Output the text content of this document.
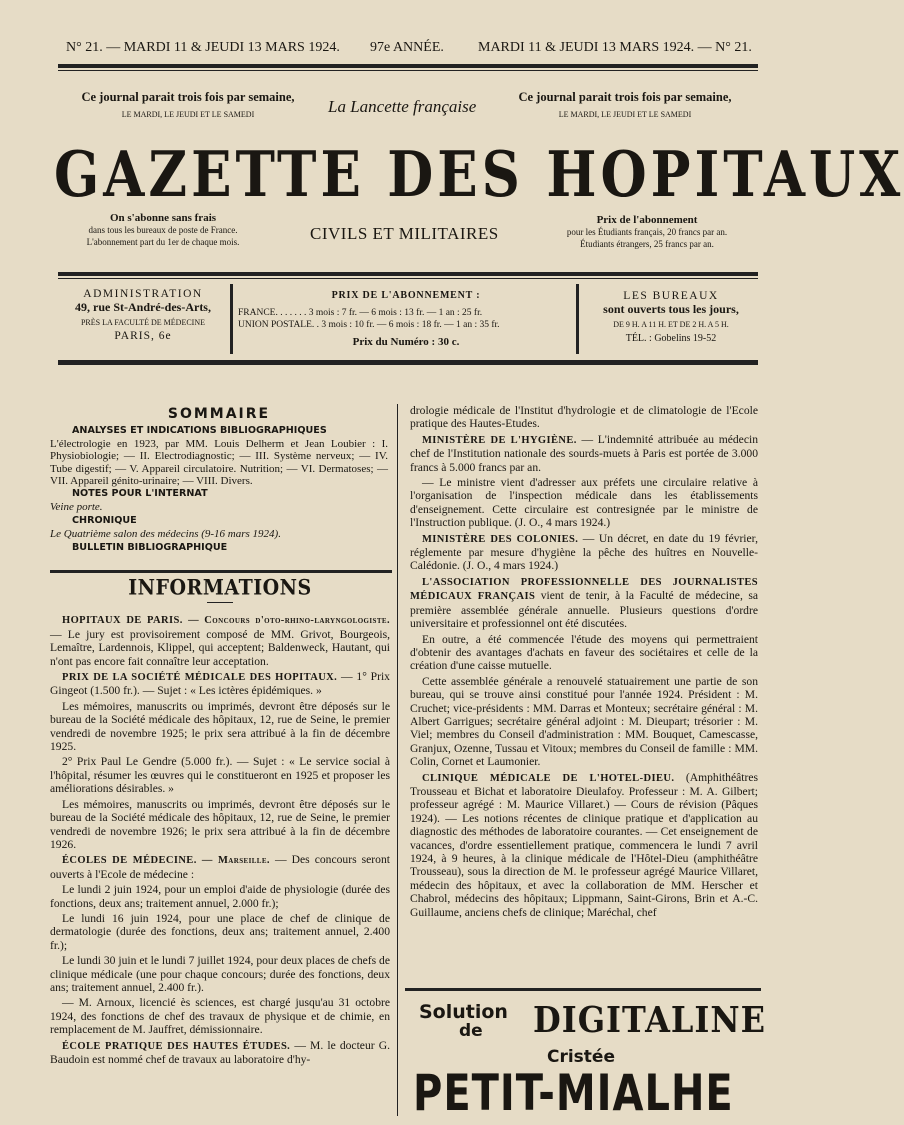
N° 21. — MARDI 11 & JEUDI 13 MARS 1924. 97e ANNÉE. MARDI 11 & JEUDI 13 MARS 1924. — N° 21.
Ce journal parait trois fois par semaine,
LE MARDI, LE JEUDI ET LE SAMEDI	La Lancette française	Ce journal parait trois fois par semaine,
LE MARDI, LE JEUDI ET LE SAMEDI
GAZETTE DES HOPITAUX
On s'abonne sans frais
dans tous les bureaux de poste de France.
L'abonnement part du 1er de chaque mois.	CIVILS ET MILITAIRES
Prix de l'abonnement
pour les Étudiants français, 20 francs par an.
Étudiants étrangers, 25 francs par an.
ADMINISTRATION
49, rue St-André-des-Arts,
PRÈS LA FACULTÉ DE MÉDECINE
PARIS, 6e
PRIX DE L'ABONNEMENT :
FRANCE. . . . . . . 3 mois : 7 fr. — 6 mois : 13 fr. — 1 an : 25 fr.
UNION POSTALE. . 3 mois : 10 fr. — 6 mois : 18 fr. — 1 an : 35 fr.
Prix du Numéro : 30 c.
LES BUREAUX
sont ouverts tous les jours,
DE 9 H. A 11 H. ET DE 2 H. A 5 H.
TÉL. : Gobelins 19-52
SOMMAIRE
ANALYSES ET INDICATIONS BIBLIOGRAPHIQUES
L'électrologie en 1923, par MM. Louis Delherm et Jean Loubier : I. Physiobiologie; — II. Electrodiagnostic; — III. Système nerveux; — IV. Tube digestif; — V. Appareil circulatoire. Nutrition; — VI. Dermatoses; — VII. Appareil génito-urinaire; — VIII. Divers.
NOTES POUR L'INTERNAT
Veine porte.
CHRONIQUE
Le Quatrième salon des médecins (9-16 mars 1924).
BULLETIN BIBLIOGRAPHIQUE
INFORMATIONS

HOPITAUX DE PARIS. — Concours d'oto-rhino-laryngologiste. — Le jury est provisoirement composé de MM. Grivot, Bourgeois, Lemaître, Lardennois, Klippel, qui acceptent; Baldenweck, Hautant, qui n'ont pas encore fait connaître leur acceptation.

PRIX DE LA SOCIÉTÉ MÉDICALE DES HOPITAUX. — 1° Prix Gingeot (1.500 fr.). — Sujet : « Les ictères épidémiques. »

Les mémoires, manuscrits ou imprimés, devront être déposés sur le bureau de la Société médicale des hôpitaux, 12, rue de Seine, le premier vendredi de novembre 1925; le prix sera attribué à la fin de décembre 1925.

2° Prix Paul Le Gendre (5.000 fr.). — Sujet : « Le service social à l'hôpital, résumer les œuvres qui le constitueront en 1925 et proposer les améliorations désirables. »

Les mémoires, manuscrits ou imprimés, devront être déposés sur le bureau de la Société médicale des hôpitaux, 12, rue de Seine, le premier vendredi de novembre 1926; le prix sera attribué à la fin de décembre 1926.

ÉCOLES DE MÉDECINE. — Marseille. — Des concours seront ouverts à l'Ecole de médecine :

Le lundi 2 juin 1924, pour un emploi d'aide de physiologie (durée des fonctions, deux ans; traitement annuel, 2.000 fr.);

Le lundi 16 juin 1924, pour une place de chef de clinique de dermatologie (durée des fonctions, deux ans; traitement annuel, 2.400 fr.);

Le lundi 30 juin et le lundi 7 juillet 1924, pour deux places de chefs de clinique médicale (une pour chaque concours; durée des fonctions, deux ans; traitement annuel, 2.400 fr.).

— M. Arnoux, licencié ès sciences, est chargé jusqu'au 31 octobre 1924, des fonctions de chef des travaux de physique et de chimie, en remplacement de M. Jauffret, démissionnaire.

ÉCOLE PRATIQUE DES HAUTES ÉTUDES. — M. le docteur G. Baudoin est nommé chef de travaux au laboratoire d'hy-

drologie médicale de l'Institut d'hydrologie et de climatologie de l'Ecole pratique des Hautes-Etudes.

MINISTÈRE DE L'HYGIÈNE. — L'indemnité attribuée au médecin chef de l'Institution nationale des sourds-muets à Paris est portée de 3.000 francs à 5.000 francs par an.

— Le ministre vient d'adresser aux préfets une circulaire relative à l'organisation de l'inspection médicale dans les établissements d'enseignement. Cette circulaire est contresignée par le ministre de l'Instruction publique. (J. O., 4 mars 1924.)

MINISTÈRE DES COLONIES. — Un décret, en date du 19 février, réglemente par mesure d'hygiène la pêche des huîtres en Nouvelle-Calédonie. (J. O., 4 mars 1924.)

L'ASSOCIATION PROFESSIONNELLE DES JOURNALISTES MÉDICAUX FRANÇAIS vient de tenir, à la Faculté de médecine, sa première assemblée générale annuelle. Plusieurs questions d'ordre universitaire et professionnel ont été discutées.

En outre, a été commencée l'étude des moyens qui permettraient d'obtenir des avantages d'achats en faveur des sociétaires et celle de la création d'une caisse mutuelle.

Cette assemblée générale a renouvelé statuairement une partie de son bureau, qui se trouve ainsi constitué pour l'année 1924. Président : M. Cruchet; vice-présidents : MM. Darras et Monteux; secrétaire général : M. Albert Garrigues; secrétaire général adjoint : M. Dieupart; trésorier : M. Viel; membres du Conseil d'administration : MM. Bouquet, Camescasse, Granjux, Ozenne, Tussau et Vitoux; membres du Conseil de famille : MM. Colin, Cornet et Laumonier.

CLINIQUE MÉDICALE DE L'HOTEL-DIEU. (Amphithéâtres Trousseau et Bichat et laboratoire Dieulafoy. Professeur : M. A. Gilbert; professeur agrégé : M. Maurice Villaret.) — Cours de révision (Pâques 1924). — Les notions récentes de clinique pratique et d'application au diagnostic des méthodes de laboratoire courantes. — Cet enseignement de vacances, d'ordre essentiellement pratique, commencera le lundi 7 avril 1924, à 9 heures, à la clinique médicale de l'Hôtel-Dieu (amphithéâtre Trousseau), sous la direction de M. le professeur agrégé Maurice Villaret, médecin des hôpitaux, et avec la collaboration de MM. Herscher et Chabrol, médecins des hôpitaux; Lippmann, Saint-Girons, Brin et A.-C. Guillaume, anciens chefs de clinique; Maréchal, chef

Solution
de DIGITALINE
Cristée
PETIT-MIALHE
